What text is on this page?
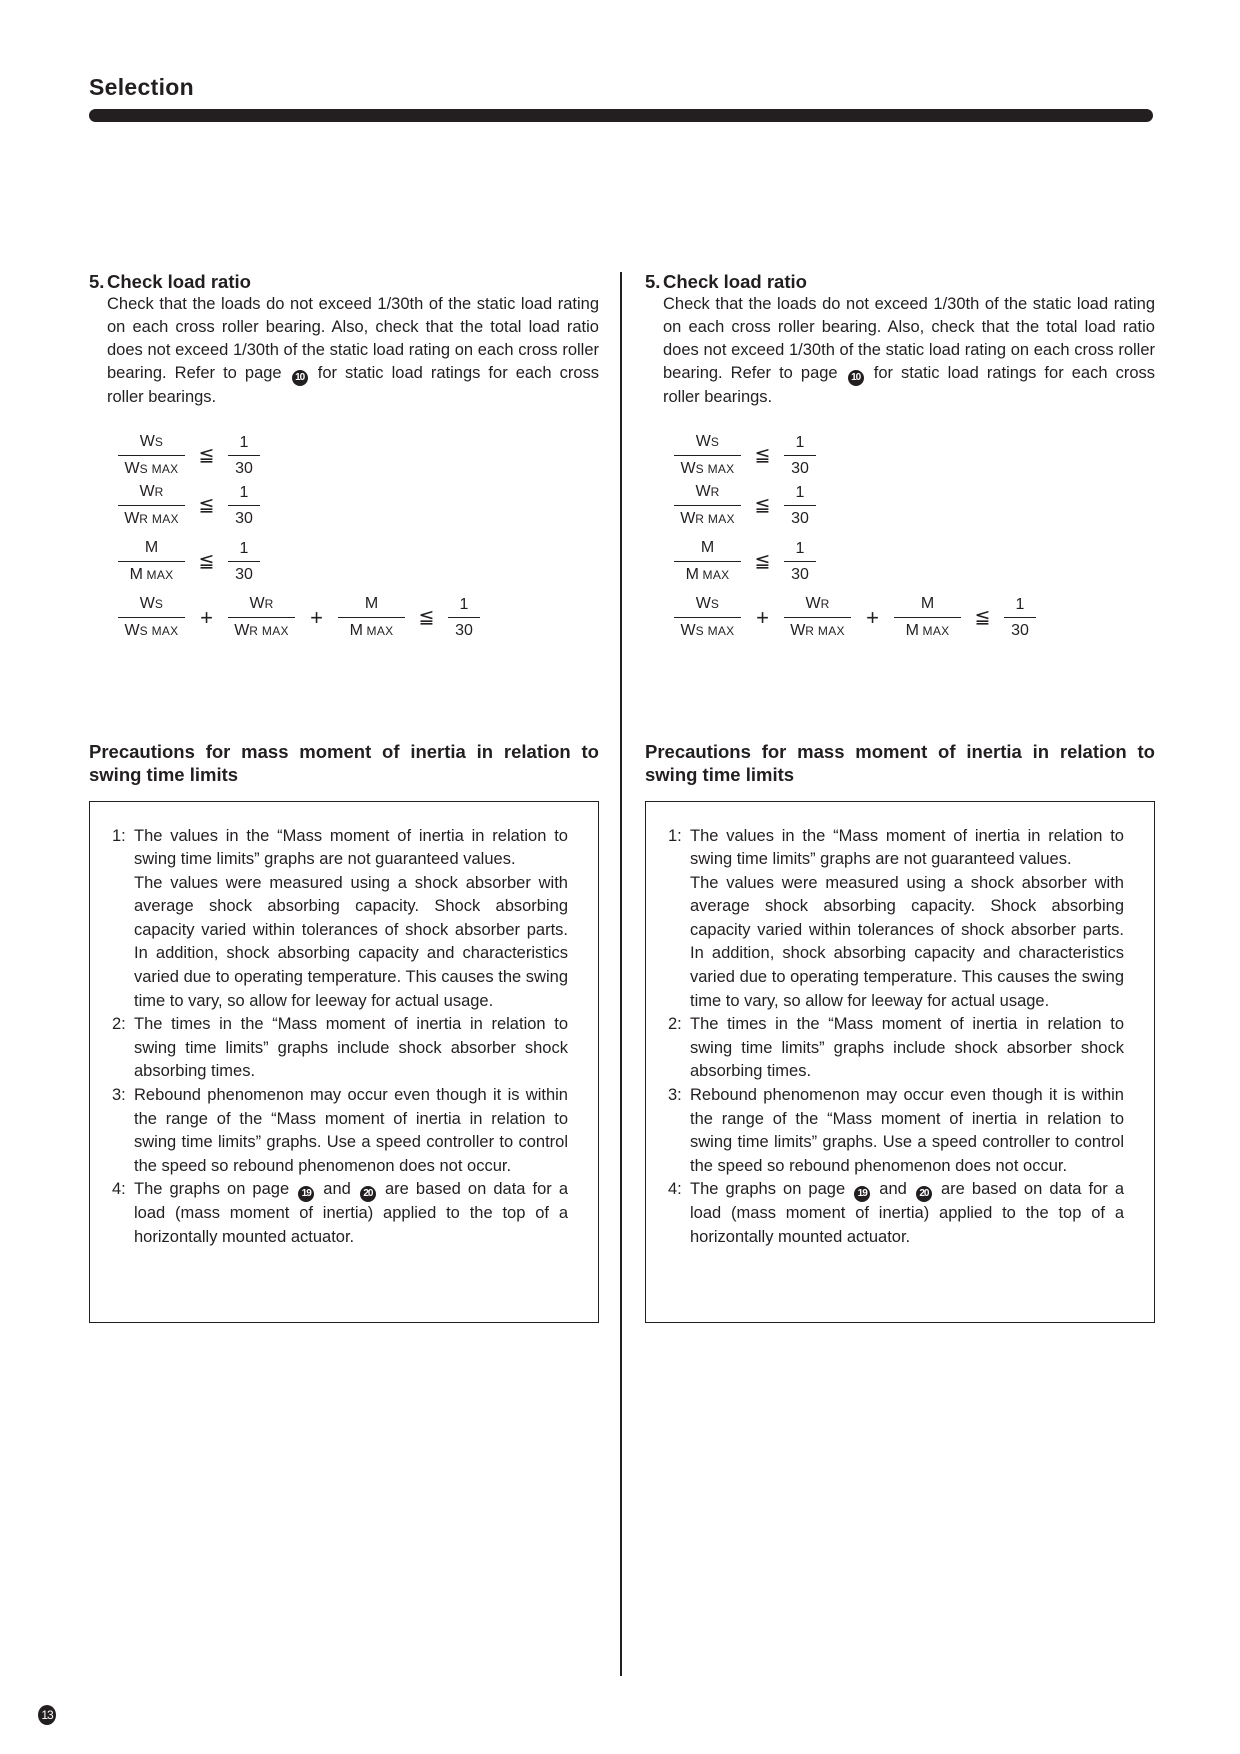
Selection
5. Check load ratio

Check that the loads do not exceed 1/30th of the static load rating on each cross roller bearing. Also, check that the total load ratio does not exceed 1/30th of the static load rating on each cross roller bearing. Refer to page 10 for static load ratings for each cross roller bearings.

$\frac{WS}{\text{WS MAX}}$ ≦ $\frac{1}{30}$
$\frac{WR}{\text{WR MAX}}$ ≦ $\frac{1}{30}$
$\frac{M}{\text{M MAX}}$ ≦ $\frac{1}{30}$
$\frac{WS}{\text{WS MAX}} + \frac{WR}{\text{WR MAX}} + \frac{M}{\text{M MAX}}$ ≦ $\frac{1}{30}$
Precautions for mass moment of inertia in relation to swing time limits
1: The values in the “Mass moment of inertia in relation to swing time limits” graphs are not guaranteed values.

The values were measured using a shock absorber with average shock absorbing capacity. Shock absorbing capacity varied within tolerances of shock absorber parts. In addition, shock absorbing capacity and characteristics varied due to operating temperature. This causes the swing time to vary, so allow for leeway for actual usage.

2: The times in the “Mass moment of inertia in relation to swing time limits” graphs include shock absorber shock absorbing times.

3: Rebound phenomenon may occur even though it is within the range of the “Mass moment of inertia in relation to swing time limits” graphs. Use a speed controller to control the speed so rebound phenomenon does not occur.

4: The graphs on page 19 and 20 are based on data for a load (mass moment of inertia) applied to the top of a horizontally mounted actuator.

5. Check load ratio

Check that the loads do not exceed 1/30th of the static load rating on each cross roller bearing. Also, check that the total load ratio does not exceed 1/30th of the static load rating on each cross roller bearing. Refer to page 10 for static load ratings for each cross roller bearings.

$\frac{WS}{\text{WS MAX}}$ ≦ $\frac{1}{30}$
$\frac{WR}{\text{WR MAX}}$ ≦ $\frac{1}{30}$
$\frac{M}{\text{M MAX}}$ ≦ $\frac{1}{30}$
$\frac{WS}{\text{WS MAX}} + \frac{WR}{\text{WR MAX}} + \frac{M}{\text{M MAX}}$ ≦ $\frac{1}{30}$
Precautions for mass moment of inertia in relation to swing time limits
1: The values in the “Mass moment of inertia in relation to swing time limits” graphs are not guaranteed values.

The values were measured using a shock absorber with average shock absorbing capacity. Shock absorbing capacity varied within tolerances of shock absorber parts. In addition, shock absorbing capacity and characteristics varied due to operating temperature. This causes the swing time to vary, so allow for leeway for actual usage.

2: The times in the “Mass moment of inertia in relation to swing time limits” graphs include shock absorber shock absorbing times.

3: Rebound phenomenon may occur even though it is within the range of the “Mass moment of inertia in relation to swing time limits” graphs. Use a speed controller to control the speed so rebound phenomenon does not occur.

4: The graphs on page 19 and 20 are based on data for a load (mass moment of inertia) applied to the top of a horizontally mounted actuator.

13
